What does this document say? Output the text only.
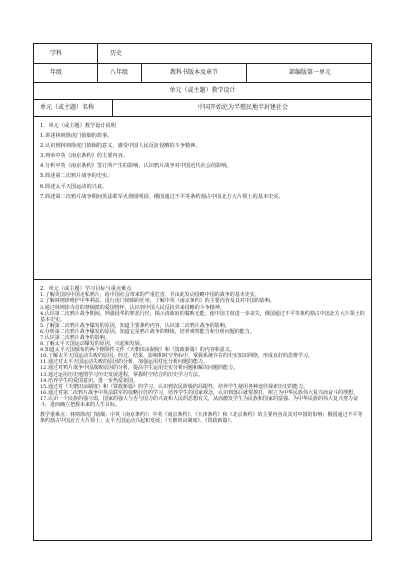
学科	历史
年级	八年级	教科书版本及章节	部编版第一单元
单元（或主题）教学设计
单元（或主题）名称	中国开始沦为半殖民地半封建社会

1．单元（或主题）教学设计说明

1.讲述林则徐虎门销烟的故事。

2.认识到林则徐虎门销烟的意义，感受中国人民反抗侵略的斗争精神。

3.列举中英《南京条约》的主要内容。

4.分析中英《南京条约》签订所产生的影响，认识鸦片战争对中国近代社会的影响。

5.简述第二次鸦片战争的史实。

6.简述太平天国运动的兴衰。

7.简述第二次鸦片战争期间英法联军火烧圆明园、俄国通过不平等条约割占中国北方大片领土的基本史实。

2．单元（或主题）学习目标与重点难点

1.了解英国向中国走私鸦片，给中国社会带来的严重危害，并由此发动侵略中国的战争的基本史实。

2.了解林则徐维护中华利益，进行虎门销烟的壮举，了解中英《南京条约》的主要内容及其对中国的影响。

3.通过林则徐为首的禁烟派的爱国情怀，认识到中国人民反抗外来侵略的斗争精神。

4.认识第二次鸦片战争期间，列强侵华的罪恶行径，揭示清政府的腐败无能，使中国主权进一步丧失，俄国通过不平等条约割占中国北方大片领土的基本史实。

5.了解第二次鸦片战争爆发的原因，知道主要条约内容，认识第二次鸦片战争的影响。

6.分析第二次鸦片战争爆发的原因，知道它是鸦片战争的继续，培养观察能力和分析问题的能力。

7.认识第二次鸦片战争的影响。

8.了解太平天国运动爆发的原因、兴起和发展。

9.知道太平天国颁布的两个纲领性文件《天朝田亩制度》和《资政新篇》的内容和意义。

10.了解太平天国运动失败的原因、经过、结果、影响和时空坐标中，掌握系统存在的史实知识网络，形成良好的思维学习。

11.通过对太平天国运动失败的原因的分析，加强运用对比分析问题的能力。

12.通过对鸦片战争中国战败原因的分析，提高学生运用史实分析问题和解决问题的能力。

13.通过运用历史地图学习历史发展进程，掌握时空结合的历史学习方法。

14.培养学生的爱国意识，进一步热爱祖国。

15.通过对《天朝田亩制度》和《资政新篇》的学习，认识到农民阶级的局限性，培养学生使用各种途径探索历史的能力。

16.通过对第二次鸦片战争中英法联军的侵略行径的学习，培养学生的国家观念，认识到落后就要挨打，树立为中华民族伟大复兴而奋斗的理想。

17.认识一个民族的强与弱，国家的强大与否与国力的兴衰和人民的思想有关，从而激发学生为民族和国家的富强、为中华民族的伟大复兴努力奋斗，进而确立把握未来的人生目标。

教学重难点：林则徐虎门销烟；中英《南京条约》；中英《南京条约》、《天津条约》和《北京条约》的主要内容及其对中国的影响；俄国通过不平等条约割占中国北方大片领土；太平天国运动兴起和发展；《天朝田亩制度》、《资政新篇》。
